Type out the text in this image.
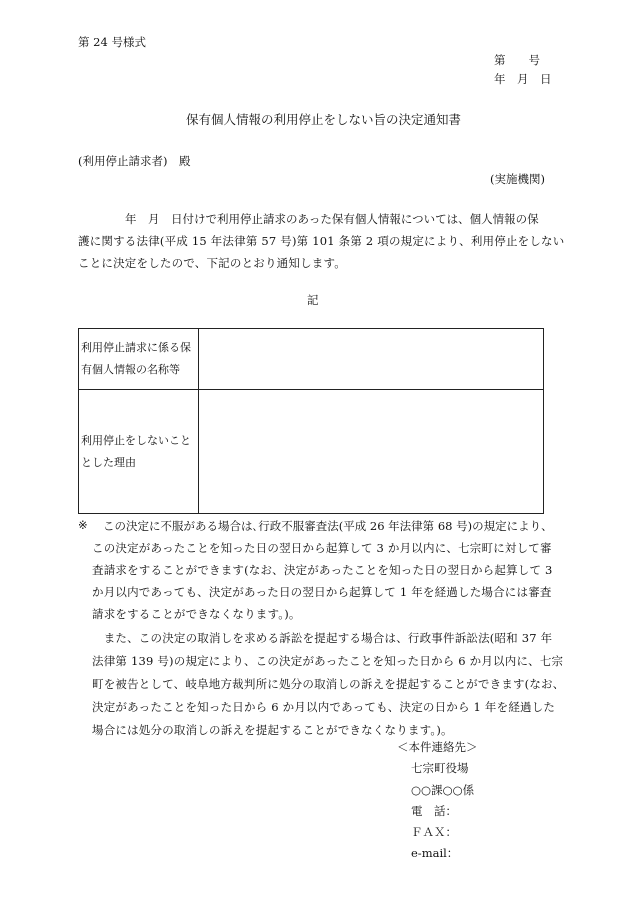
第 24 号様式
第　　号
年　月　日
保有個人情報の利用停止をしない旨の決定通知書
(利用停止請求者)　殿
(実施機関)
年　月　日付けで利用停止請求のあった保有個人情報については、個人情報の保
護に関する法律(平成 15 年法律第 57 号)第 101 条第 2 項の規定により、利用停止をしない
ことに決定をしたので、下記のとおり通知します。
記
利用停止請求に係る保
有個人情報の名称等	

利用停止をしないこと
とした理由	

※ この決定に不服がある場合は､行政不服審査法(平成 26 年法律第 68 号)の規定により、
この決定があったことを知った日の翌日から起算して 3 か月以内に、七宗町に対して審
査請求をすることができます(なお、決定があったことを知った日の翌日から起算して 3
か月以内であっても、決定があった日の翌日から起算して 1 年を経過した場合には審査
請求をすることができなくなります。)。
　また、この決定の取消しを求める訴訟を提起する場合は、行政事件訴訟法(昭和 37 年
法律第 139 号)の規定により、この決定があったことを知った日から 6 か月以内に、七宗
町を被告として、岐阜地方裁判所に処分の取消しの訴えを提起することができます(なお、
決定があったことを知った日から 6 か月以内であっても、決定の日から 1 年を経過した
場合には処分の取消しの訴えを提起することができなくなります。)。
＜本件連絡先＞
七宗町役場
○○課○○係
電　話：
ＦＡＸ：
e-mail：
